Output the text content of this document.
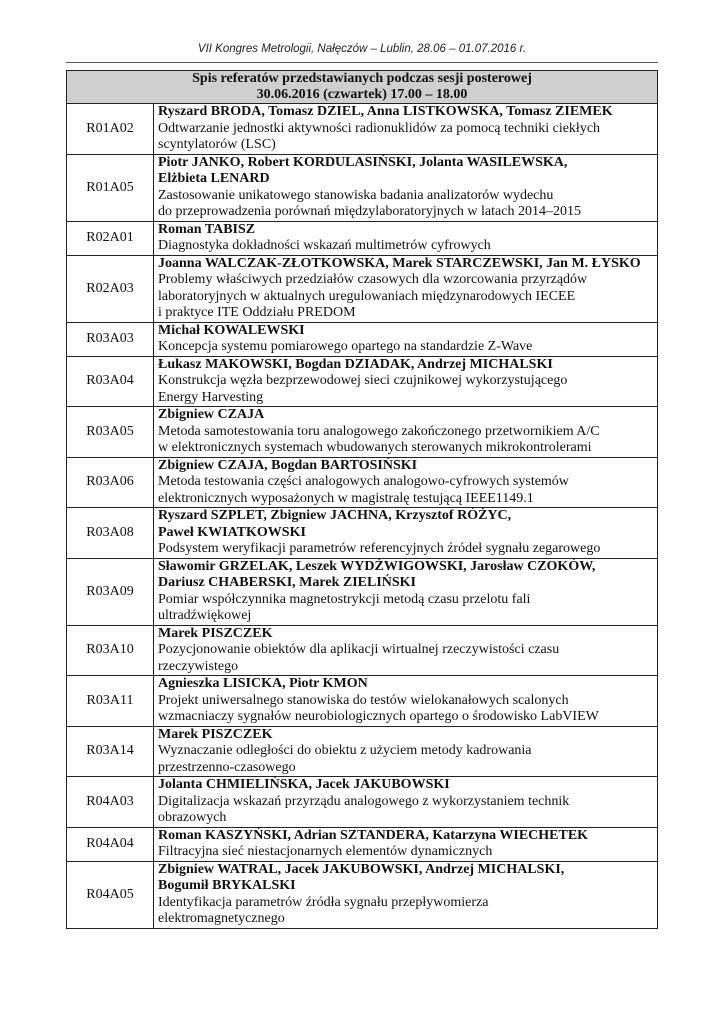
VII Kongres Metrologii, Nałęczów – Lublin, 28.06 – 01.07.2016 r.
Spis referatów przedstawianych podczas sesji posterowej
30.06.2016 (czwartek) 17.00 – 18.00	

R01A02	Ryszard BRODA, Tomasz DZIEL, Anna LISTKOWSKA, Tomasz ZIEMEK
Odtwarzanie jednostki aktywności radionuklidów za pomocą techniki ciekłych
scyntylatorów (LSC)

R01A05	Piotr JANKO, Robert KORDULASIŃSKI, Jolanta WASILEWSKA,
Elżbieta LENARD
Zastosowanie unikatowego stanowiska badania analizatorów wydechu
do przeprowadzenia porównań międzylaboratoryjnych w latach 2014–2015

R02A01	Roman TABISZ
Diagnostyka dokładności wskazań multimetrów cyfrowych

R02A03	Joanna WALCZAK-ZŁOTKOWSKA, Marek STARCZEWSKI, Jan M. ŁYSKO
Problemy właściwych przedziałów czasowych dla wzorcowania przyrządów
laboratoryjnych w aktualnych uregulowaniach międzynarodowych IECEE
i praktyce ITE Oddziału PREDOM

R03A03	Michał KOWALEWSKI
Koncepcja systemu pomiarowego opartego na standardzie Z-Wave

R03A04	Łukasz MAKOWSKI, Bogdan DZIADAK, Andrzej MICHALSKI
Konstrukcja węzła bezprzewodowej sieci czujnikowej wykorzystującego
Energy Harvesting

R03A05	Zbigniew CZAJA
Metoda samotestowania toru analogowego zakończonego przetwornikiem A/C
w elektronicznych systemach wbudowanych sterowanych mikrokontrolerami

R03A06	Zbigniew CZAJA, Bogdan BARTOSIŃSKI
Metoda testowania części analogowych analogowo-cyfrowych systemów
elektronicznych wyposażonych w magistralę testującą IEEE1149.1

R03A08	Ryszard SZPLET, Zbigniew JACHNA, Krzysztof RÓŻYC,
Paweł KWIATKOWSKI
Podsystem weryfikacji parametrów referencyjnych źródeł sygnału zegarowego

R03A09	Sławomir GRZELAK, Leszek WYDŹWIGOWSKI, Jarosław CZOKÓW,
Dariusz CHABERSKI, Marek ZIELIŃSKI
Pomiar współczynnika magnetostrykcji metodą czasu przelotu fali
ultradźwiękowej

R03A10	Marek PISZCZEK
Pozycjonowanie obiektów dla aplikacji wirtualnej rzeczywistości czasu
rzeczywistego

R03A11	Agnieszka LISICKA, Piotr KMON
Projekt uniwersalnego stanowiska do testów wielokanałowych scalonych
wzmacniaczy sygnałów neurobiologicznych opartego o środowisko LabVIEW

R03A14	Marek PISZCZEK
Wyznaczanie odległości do obiektu z użyciem metody kadrowania
przestrzenno-czasowego

R04A03	Jolanta CHMIELIŃSKA, Jacek JAKUBOWSKI
Digitalizacja wskazań przyrządu analogowego z wykorzystaniem technik
obrazowych

R04A04	Roman KASZYŃSKI, Adrian SZTANDERA, Katarzyna WIECHETEK
Filtracyjna sieć niestacjonarnych elementów dynamicznych

R04A05	Zbigniew WATRAL, Jacek JAKUBOWSKI, Andrzej MICHALSKI,
Bogumił BRYKALSKI
Identyfikacja parametrów źródła sygnału przepływomierza
elektromagnetycznego
